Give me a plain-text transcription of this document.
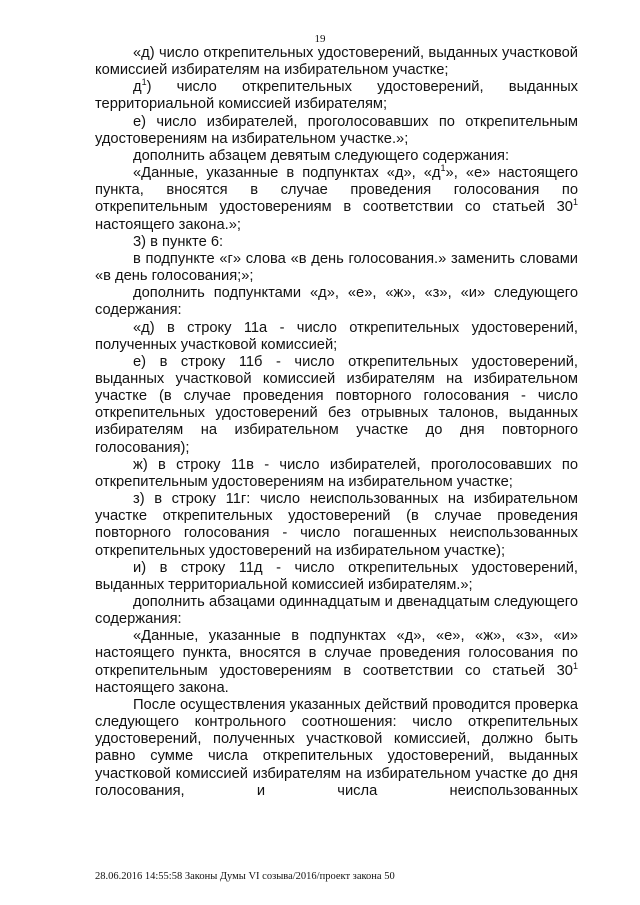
19

«д) число открепительных удостоверений, выданных участковой комиссией избирателям на избирательном участке;

$д^1$) число открепительных удостоверений, выданных территориальной комиссией избирателям;

е) число избирателей, проголосовавших по открепительным удостоверениям на избирательном участке.»;

дополнить абзацем девятым следующего содержания:

«Данные, указанные в подпунктах «д», «$д^1$», «е» настоящего пункта, вносятся в случае проведения голосования по открепительным удостоверениям в соответствии со статьей $30^1$ настоящего закона.»;

3) в пункте 6:

в подпункте «г» слова «в день голосования.» заменить словами «в день голосования;»;

дополнить подпунктами «д», «е», «ж», «з», «и» следующего содержания:

«д) в строку 11а - число открепительных удостоверений, полученных участковой комиссией;

е) в строку 11б - число открепительных удостоверений, выданных участковой комиссией избирателям на избирательном участке (в случае проведения повторного голосования - число открепительных удостоверений без отрывных талонов, выданных избирателям на избирательном участке до дня повторного голосования);

ж) в строку 11в - число избирателей, проголосовавших по открепительным удостоверениям на избирательном участке;

з) в строку 11г: число неиспользованных на избирательном участке открепительных удостоверений (в случае проведения повторного голосования - число погашенных неиспользованных открепительных удостоверений на избирательном участке);

и) в строку 11д - число открепительных удостоверений, выданных территориальной комиссией избирателям.»;

дополнить абзацами одиннадцатым и двенадцатым следующего содержания:

«Данные, указанные в подпунктах «д», «е», «ж», «з», «и» настоящего пункта, вносятся в случае проведения голосования по открепительным удостоверениям в соответствии со статьей $30^1$ настоящего закона.

После осуществления указанных действий проводится проверка следующего контрольного соотношения: число открепительных удостоверений, полученных участковой комиссией, должно быть равно сумме числа открепительных удостоверений, выданных участковой комиссией избирателям на избирательном участке до дня голосования, и числа неиспользованных

28.06.2016 14:55:58 Законы Думы VI созыва/2016/проект закона 50
